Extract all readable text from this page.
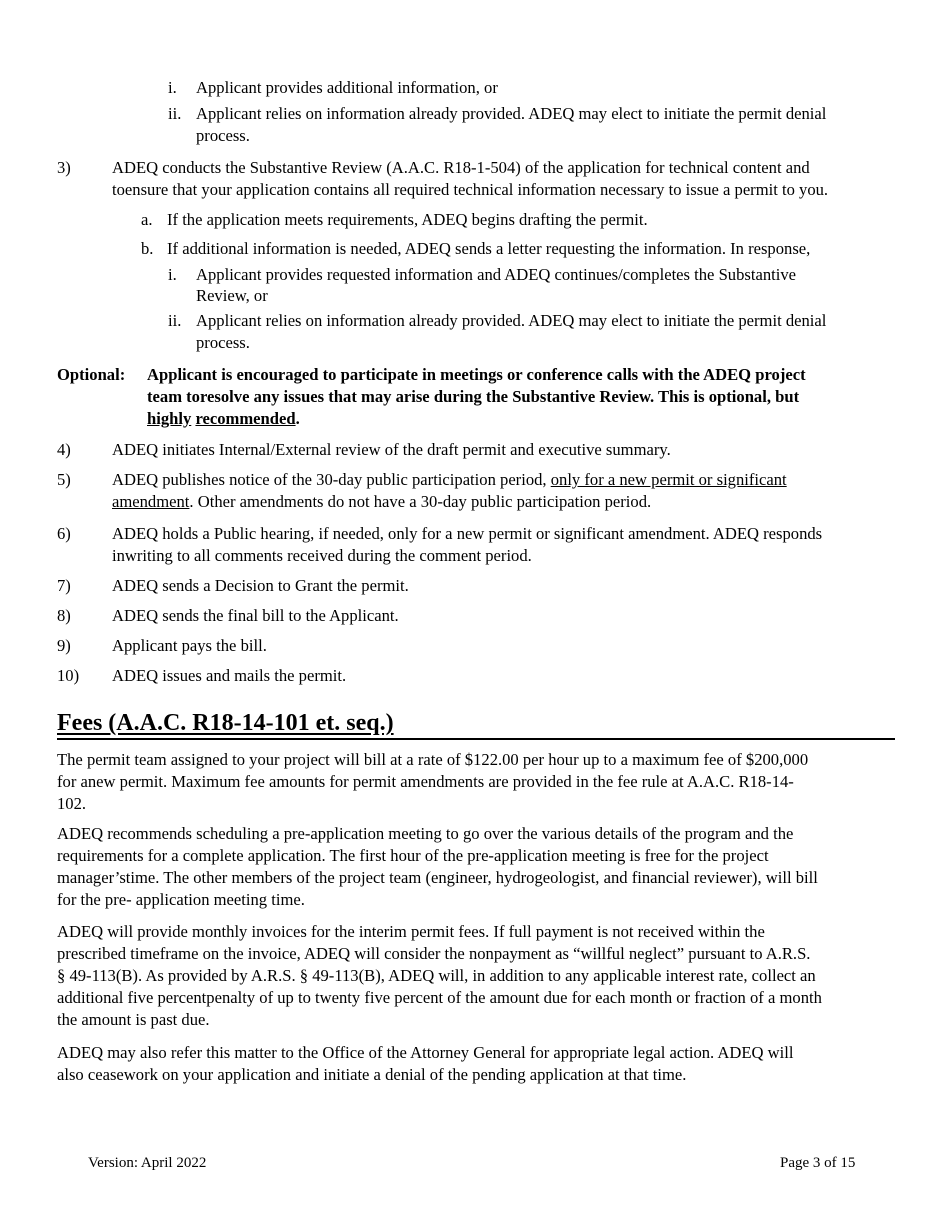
i. Applicant provides additional information, or
ii. Applicant relies on information already provided. ADEQ may elect to initiate the permit denial
process.
3) ADEQ conducts the Substantive Review (A.A.C. R18-1-504) of the application for technical content and
toensure that your application contains all required technical information necessary to issue a permit to you.
a. If the application meets requirements, ADEQ begins drafting the permit.
b. If additional information is needed, ADEQ sends a letter requesting the information. In response,
i. Applicant provides requested information and ADEQ continues/completes the Substantive
Review, or
ii. Applicant relies on information already provided. ADEQ may elect to initiate the permit denial
process.
Optional: Applicant is encouraged to participate in meetings or conference calls with the ADEQ project
team toresolve any issues that may arise during the Substantive Review. This is optional, but
highly recommended.
4) ADEQ initiates Internal/External review of the draft permit and executive summary.
5) ADEQ publishes notice of the 30-day public participation period, only for a new permit or significant
amendment. Other amendments do not have a 30-day public participation period.
6) ADEQ holds a Public hearing, if needed, only for a new permit or significant amendment. ADEQ responds
inwriting to all comments received during the comment period.
7) ADEQ sends a Decision to Grant the permit.
8) ADEQ sends the final bill to the Applicant.
9) Applicant pays the bill.
10) ADEQ issues and mails the permit.
Fees (A.A.C. R18-14-101 et. seq.)
The permit team assigned to your project will bill at a rate of $122.00 per hour up to a maximum fee of $200,000
for anew permit. Maximum fee amounts for permit amendments are provided in the fee rule at A.A.C. R18-14-
102.
ADEQ recommends scheduling a pre-application meeting to go over the various details of the program and the
requirements for a complete application. The first hour of the pre-application meeting is free for the project
manager’stime. The other members of the project team (engineer, hydrogeologist, and financial reviewer), will bill
for the pre- application meeting time.
ADEQ will provide monthly invoices for the interim permit fees. If full payment is not received within the
prescribed timeframe on the invoice, ADEQ will consider the nonpayment as “willful neglect” pursuant to A.R.S.
§ 49-113(B). As provided by A.R.S. § 49-113(B), ADEQ will, in addition to any applicable interest rate, collect an
additional five percentpenalty of up to twenty five percent of the amount due for each month or fraction of a month
the amount is past due.
ADEQ may also refer this matter to the Office of the Attorney General for appropriate legal action. ADEQ will
also ceasework on your application and initiate a denial of the pending application at that time.
Version: April 2022	Page 3 of 15
